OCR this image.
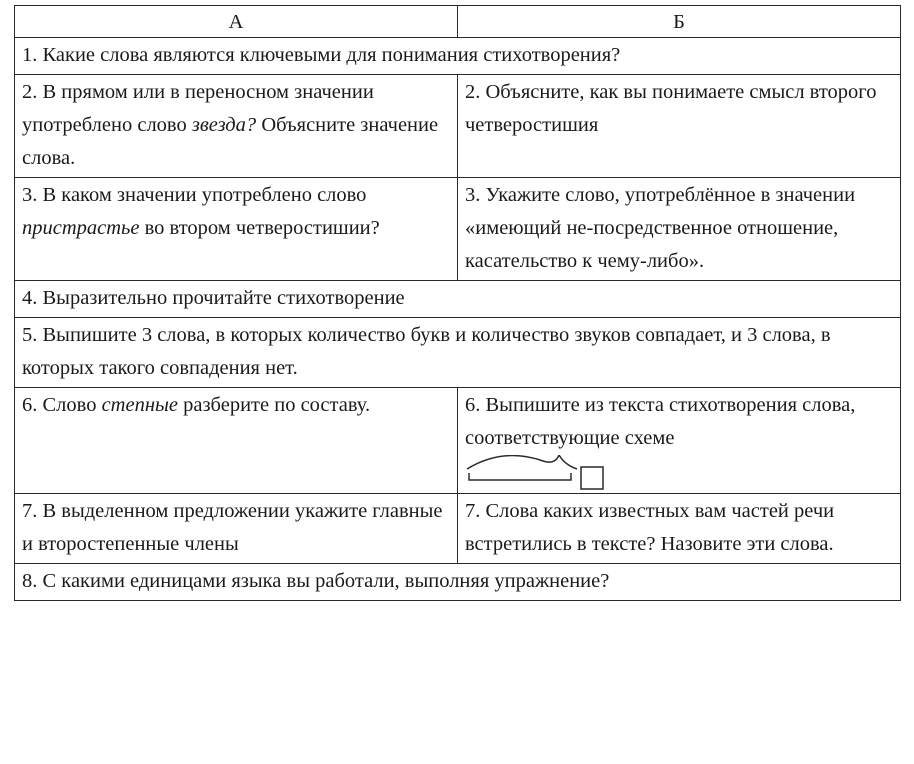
А	Б
1. Какие слова являются ключевыми для понимания стихотворения?	
2. В прямом или в переносном значении употреблено слово звезда? Объясните значение слова.	2. Объясните, как вы понимаете смысл второго четверостишия
3. В каком значении употреблено слово пристрастье во втором четверостишии?	3. Укажите слово, употреблённое в значении «имеющий не-посредственное отношение, касательство к чему-либо».
4. Выразительно прочитайте стихотворение	
5. Выпишите 3 слова, в которых количество букв и количество звуков совпадает, и 3 слова, в которых такого совпадения нет.	
6. Слово степные разберите по составу.	6. Выпишите из текста стихотворения слова, соответствующие схеме

7. В выделенном предложении укажите главные и второстепенные члены	7. Слова каких известных вам частей речи встретились в тексте? Назовите эти слова.
8. С какими единицами языка вы работали, выполняя упражнение?	
